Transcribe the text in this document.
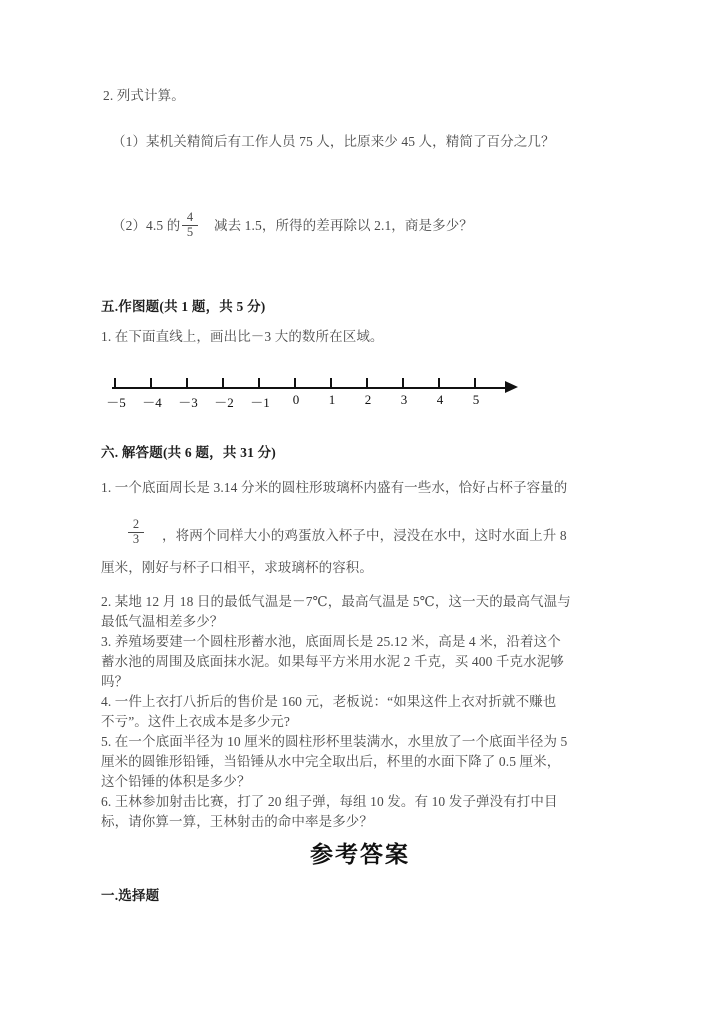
2. 列式计算。
（1）某机关精简后有工作人员 75 人，比原来少 45 人，精简了百分之几？
（2）4.5 的 $\frac{4}{5}$ 减去 1.5，所得的差再除以 2.1，商是多少？
五.作图题(共 1 题，共 5 分)
1. 在下面直线上，画出比－3 大的数所在区域。
－5	－4	－3	－2	－1	0	1	2	3	4	5
六. 解答题(共 6 题，共 31 分)
1. 一个底面周长是 3.14 分米的圆柱形玻璃杯内盛有一些水，恰好占杯子容量的
$\frac{2}{3}$ ，将两个同样大小的鸡蛋放入杯子中，浸没在水中，这时水面上升 8
厘米，刚好与杯子口相平，求玻璃杯的容积。
2. 某地 12 月 18 日的最低气温是－7℃，最高气温是 5℃，这一天的最高气温与
最低气温相差多少？
3. 养殖场要建一个圆柱形蓄水池，底面周长是 25.12 米，高是 4 米，沿着这个
蓄水池的周围及底面抹水泥。如果每平方米用水泥 2 千克，买 400 千克水泥够
吗？
4. 一件上衣打八折后的售价是 160 元，老板说：“如果这件上衣对折就不赚也
不亏”。这件上衣成本是多少元?
5. 在一个底面半径为 10 厘米的圆柱形杯里装满水，水里放了一个底面半径为 5
厘米的圆锥形铅锤，当铅锤从水中完全取出后，杯里的水面下降了 0.5 厘米，
这个铅锤的体积是多少？
6. 王林参加射击比赛，打了 20 组子弹，每组 10 发。有 10 发子弹没有打中目
标，请你算一算，王林射击的命中率是多少？
参考答案
一.选择题
